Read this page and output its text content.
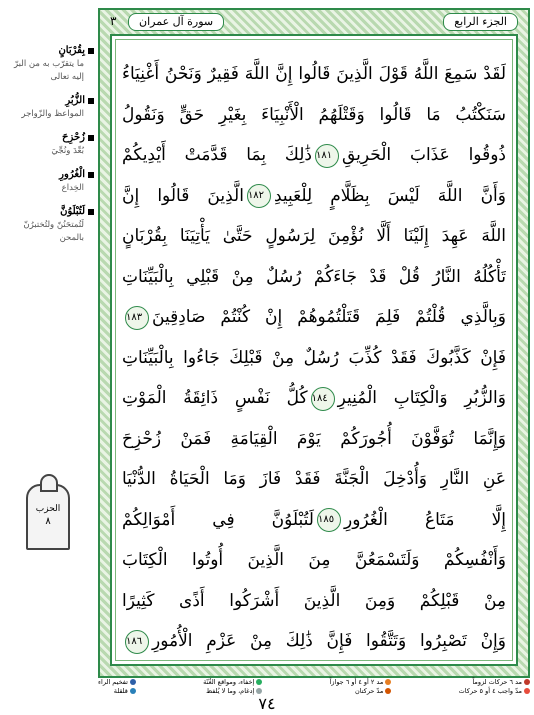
الجزء الرابع
سورة آل عمران
٣
لَقَدْ سَمِعَ اللَّهُ قَوْلَ الَّذِينَ قَالُوا إِنَّ اللَّهَ فَقِيرٌ وَنَحْنُ أَغْنِيَاءُ
سَنَكْتُبُ مَا قَالُوا وَقَتْلَهُمُ الْأَنْبِيَاءَ بِغَيْرِ حَقٍّ وَنَقُولُ
ذُوقُوا عَذَابَ الْحَرِيقِ١٨١ذَٰلِكَ بِمَا قَدَّمَتْ أَيْدِيكُمْ
وَأَنَّ اللَّهَ لَيْسَ بِظَلَّامٍ لِلْعَبِيدِ١٨٢الَّذِينَ قَالُوا إِنَّ
اللَّهَ عَهِدَ إِلَيْنَا أَلَّا نُؤْمِنَ لِرَسُولٍ حَتَّىٰ يَأْتِيَنَا بِقُرْبَانٍ
تَأْكُلُهُ النَّارُ قُلْ قَدْ جَاءَكُمْ رُسُلٌ مِنْ قَبْلِي بِالْبَيِّنَاتِ
وَبِالَّذِي قُلْتُمْ فَلِمَ قَتَلْتُمُوهُمْ إِنْ كُنْتُمْ صَادِقِينَ١٨٣
فَإِنْ كَذَّبُوكَ فَقَدْ كُذِّبَ رُسُلٌ مِنْ قَبْلِكَ جَاءُوا بِالْبَيِّنَاتِ
وَالزُّبُرِ وَالْكِتَابِ الْمُنِيرِ١٨٤كُلُّ نَفْسٍ ذَائِقَةُ الْمَوْتِ
وَإِنَّمَا تُوَفَّوْنَ أُجُورَكُمْ يَوْمَ الْقِيَامَةِ فَمَنْ زُحْزِحَ
عَنِ النَّارِ وَأُدْخِلَ الْجَنَّةَ فَقَدْ فَازَ وَمَا الْحَيَاةُ الدُّنْيَا
إِلَّا مَتَاعُ الْغُرُورِ١٨٥لَتُبْلَوُنَّ فِي أَمْوَالِكُمْ
وَأَنْفُسِكُمْ وَلَتَسْمَعُنَّ مِنَ الَّذِينَ أُوتُوا الْكِتَابَ
مِنْ قَبْلِكُمْ وَمِنَ الَّذِينَ أَشْرَكُوا أَذًى كَثِيرًا
وَإِنْ تَصْبِرُوا وَتَتَّقُوا فَإِنَّ ذَٰلِكَ مِنْ عَزْمِ الْأُمُورِ١٨٦
بِقُرْبَانٍ
ما يتقرّب به من البرّ إليه تعالى
الزُّبُرِ
المواعظ والزّواجر
زُحْزِحَ
بُعِّدَ ونُجِّيَ
الْغُرُورِ
الخِداع
لَتُبْلَوُنَّ
لَتُمتحَنُنّ ولتُختبرُنّ بالمحن
الحزب
٨
مد ٦ حركات لزوماً
مدّ واجب ٤ أو ٥ حركات
مد ٢ أو ٤ أو ٦ جوازاً
مدّ حركتان
إخفاء، ومواقع الغُنّة
إدغام، وما لا يُلفظ
تفخيم الراء
قلقلة
٧٤
